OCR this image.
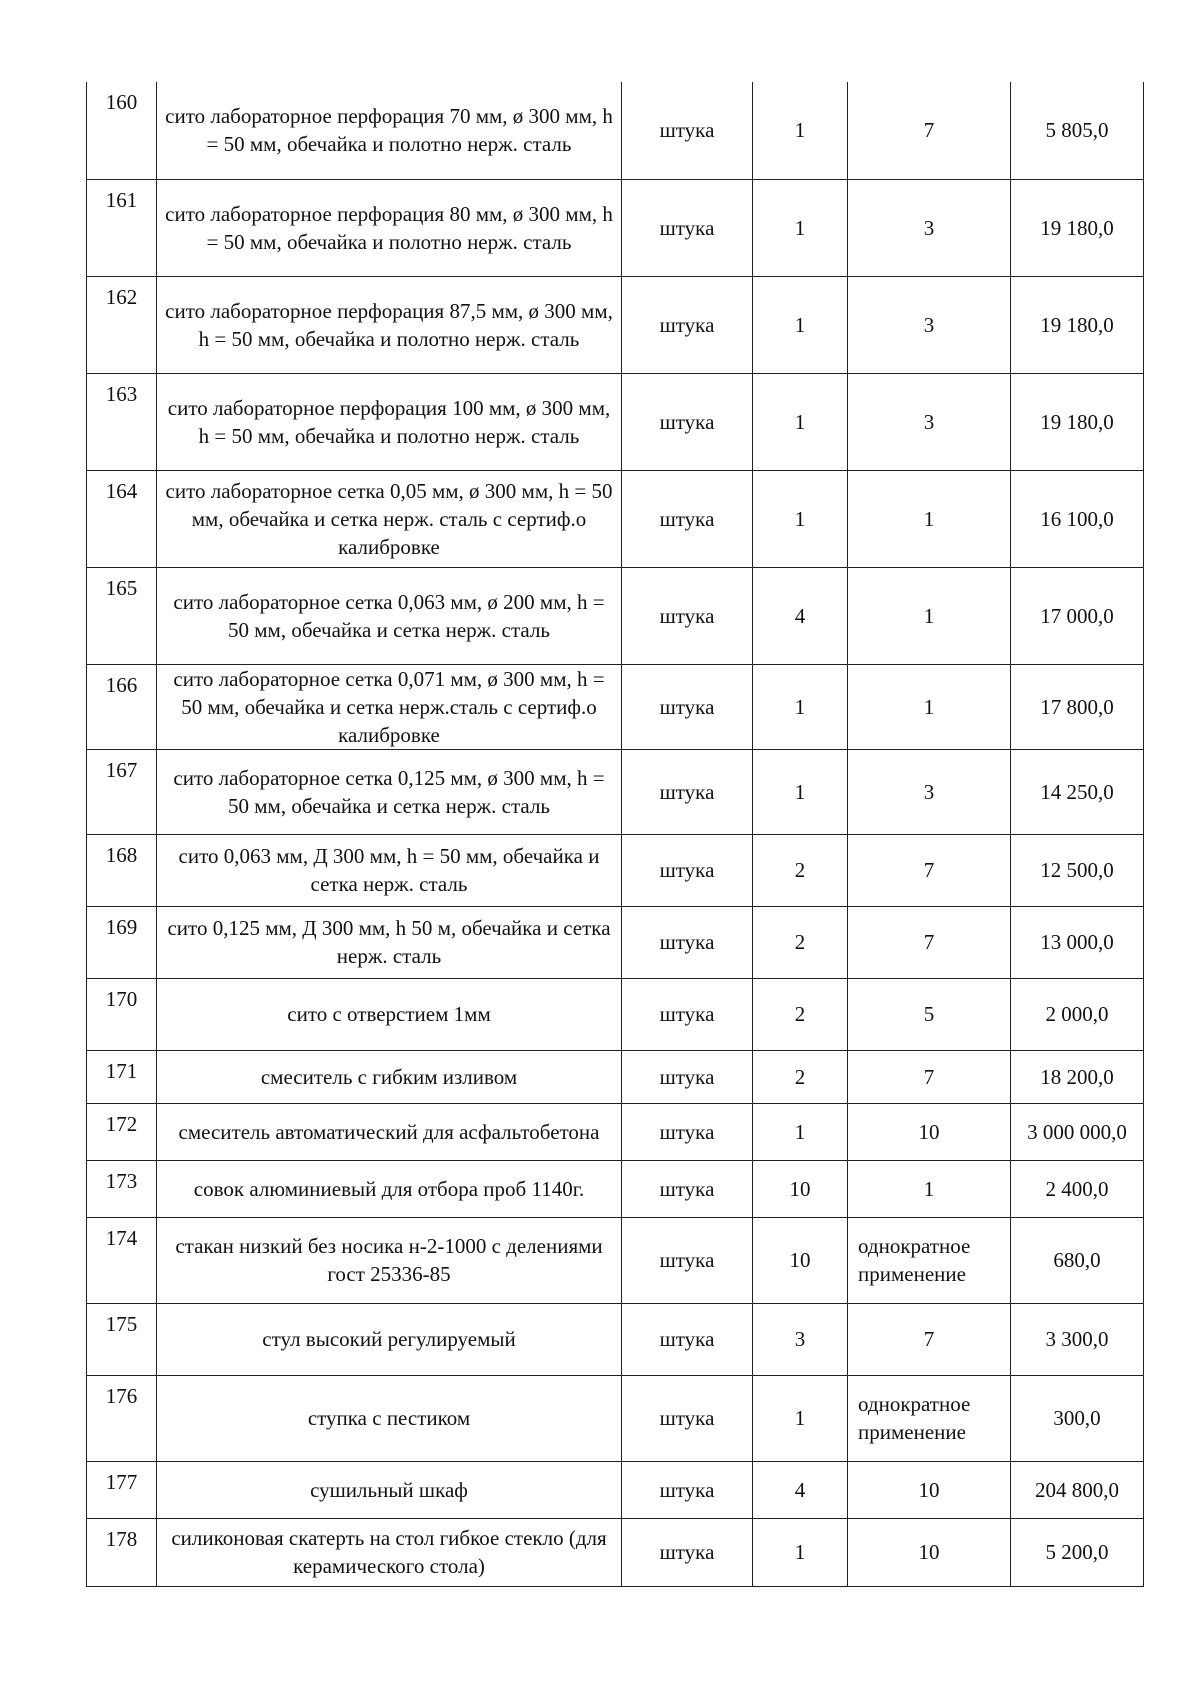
160	сито лабораторное перфорация 70 мм, ø 300 мм, h = 50 мм, обечайка и полотно нерж. сталь	штука	1	7	5 805,0
161	сито лабораторное перфорация 80 мм, ø 300 мм, h = 50 мм, обечайка и полотно нерж. сталь	штука	1	3	19 180,0
162	сито лабораторное перфорация 87,5 мм, ø 300 мм, h = 50 мм, обечайка и полотно нерж. сталь	штука	1	3	19 180,0
163	сито лабораторное перфорация 100 мм, ø 300 мм, h = 50 мм, обечайка и полотно нерж. сталь	штука	1	3	19 180,0
164	сито лабораторное сетка 0,05 мм, ø 300 мм, h = 50 мм, обечайка и сетка нерж. сталь с сертиф.о калибровке	штука	1	1	16 100,0
165	сито лабораторное сетка 0,063 мм, ø 200 мм, h = 50 мм, обечайка и сетка нерж. сталь	штука	4	1	17 000,0
166	сито лабораторное сетка 0,071 мм, ø 300 мм, h = 50 мм, обечайка и сетка нерж.сталь с сертиф.о калибровке	штука	1	1	17 800,0
167	сито лабораторное сетка 0,125 мм, ø 300 мм, h = 50 мм, обечайка и сетка нерж. сталь	штука	1	3	14 250,0
168	сито 0,063 мм, Д 300 мм, h = 50 мм, обечайка и сетка нерж. сталь	штука	2	7	12 500,0
169	сито 0,125 мм, Д 300 мм, h 50 м, обечайка и сетка нерж. сталь	штука	2	7	13 000,0
170	сито с отверстием 1мм	штука	2	5	2 000,0
171	смеситель с гибким изливом	штука	2	7	18 200,0
172	смеситель автоматический для асфальтобетона	штука	1	10	3 000 000,0
173	совок алюминиевый для отбора проб 1140г.	штука	10	1	2 400,0
174	стакан низкий без носика н-2-1000 с делениями гост 25336-85	штука	10	однократное применение	680,0
175	стул высокий регулируемый	штука	3	7	3 300,0
176	ступка с пестиком	штука	1	однократное применение	300,0
177	сушильный шкаф	штука	4	10	204 800,0
178	силиконовая скатерть на стол гибкое стекло (для керамического стола)	штука	1	10	5 200,0
